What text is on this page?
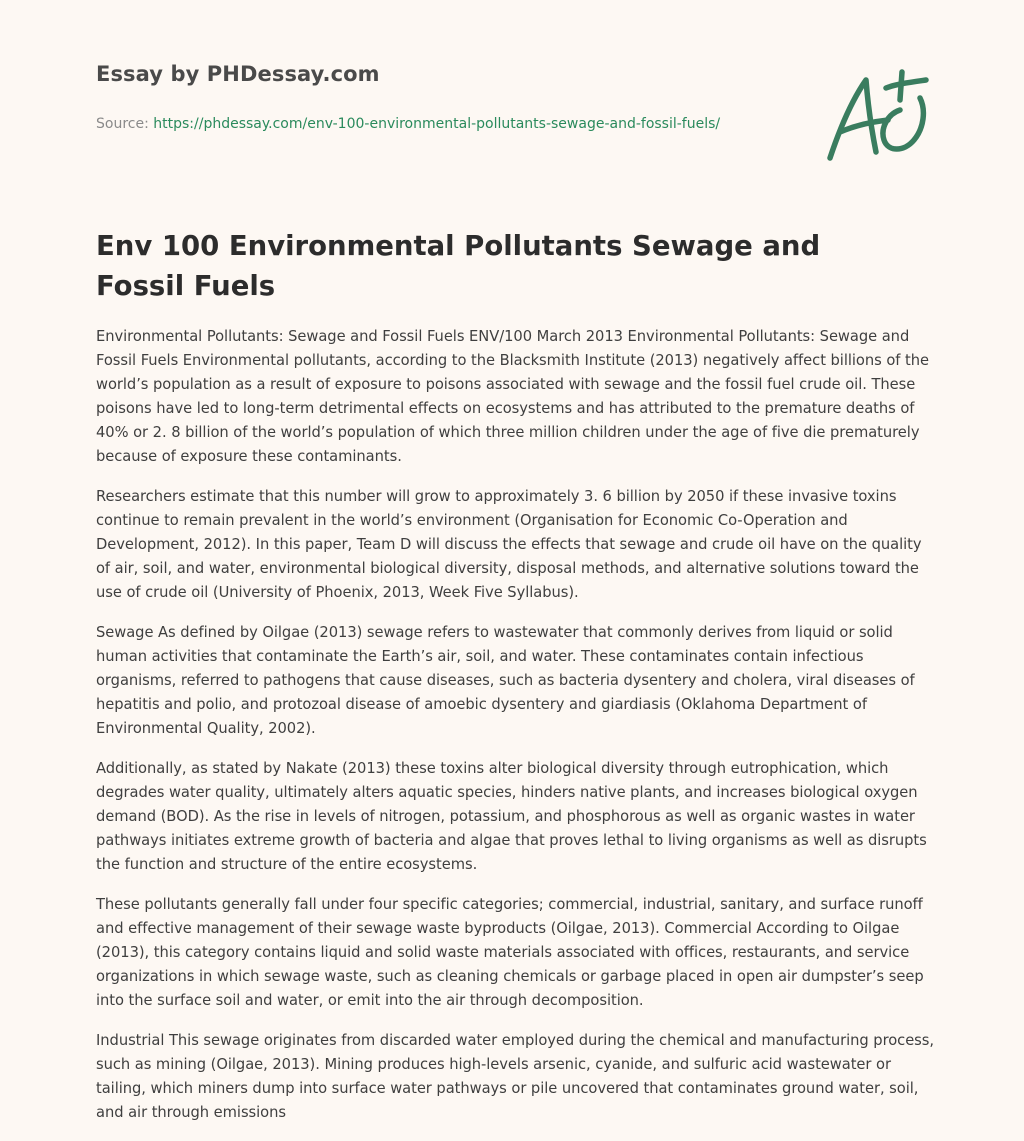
Essay by PHDessay.com
Source: https://phdessay.com/env-100-environmental-pollutants-sewage-and-fossil-fuels/
Env 100 Environmental Pollutants Sewage and Fossil Fuels

Environmental Pollutants: Sewage and Fossil Fuels ENV/100 March 2013 Environmental Pollutants: Sewage and Fossil Fuels Environmental pollutants, according to the Blacksmith Institute (2013) negatively affect billions of the world’s population as a result of exposure to poisons associated with sewage and the fossil fuel crude oil. These poisons have led to long-term detrimental effects on ecosystems and has attributed to the premature deaths of 40% or 2. 8 billion of the world’s population of which three million children under the age of five die prematurely because of exposure these contaminants.

Researchers estimate that this number will grow to approximately 3. 6 billion by 2050 if these invasive toxins continue to remain prevalent in the world’s environment (Organisation for Economic Co-Operation and Development, 2012). In this paper, Team D will discuss the effects that sewage and crude oil have on the quality of air, soil, and water, environmental biological diversity, disposal methods, and alternative solutions toward the use of crude oil (University of Phoenix, 2013, Week Five Syllabus).

Sewage As defined by Oilgae (2013) sewage refers to wastewater that commonly derives from liquid or solid human activities that contaminate the Earth’s air, soil, and water. These contaminates contain infectious organisms, referred to pathogens that cause diseases, such as bacteria dysentery and cholera, viral diseases of hepatitis and polio, and protozoal disease of amoebic dysentery and giardiasis (Oklahoma Department of Environmental Quality, 2002).

Additionally, as stated by Nakate (2013) these toxins alter biological diversity through eutrophication, which degrades water quality, ultimately alters aquatic species, hinders native plants, and increases biological oxygen demand (BOD). As the rise in levels of nitrogen, potassium, and phosphorous as well as organic wastes in water pathways initiates extreme growth of bacteria and algae that proves lethal to living organisms as well as disrupts the function and structure of the entire ecosystems.

These pollutants generally fall under four specific categories; commercial, industrial, sanitary, and surface runoff and effective management of their sewage waste byproducts (Oilgae, 2013). Commercial According to Oilgae (2013), this category contains liquid and solid waste materials associated with offices, restaurants, and service organizations in which sewage waste, such as cleaning chemicals or garbage placed in open air dumpster’s seep into the surface soil and water, or emit into the air through decomposition.

Industrial This sewage originates from discarded water employed during the chemical and manufacturing process, such as mining (Oilgae, 2013). Mining produces high-levels arsenic, cyanide, and sulfuric acid wastewater or tailing, which miners dump into surface water pathways or pile uncovered that contaminates ground water, soil, and air through emissions
